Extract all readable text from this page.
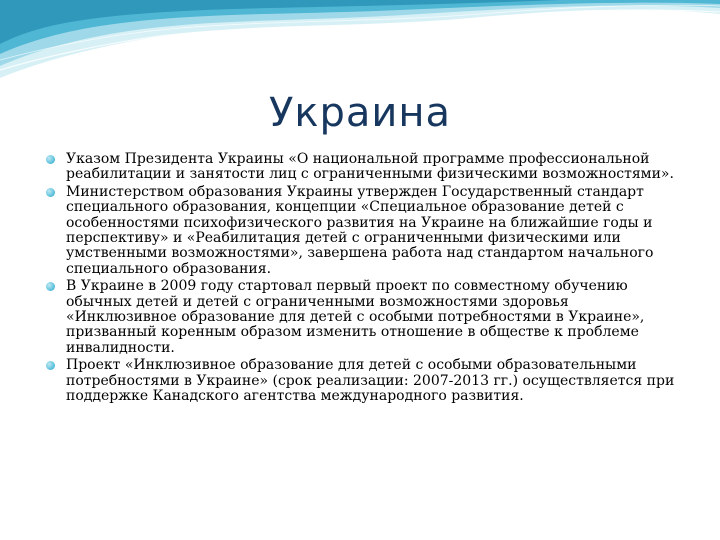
Украина
Указом Президента Украины «О национальной программе профессиональной реабилитации и занятости лиц с ограниченными физическими возможностями».
Министерством образования Украины утвержден Государственный стандарт специального образования, концепции «Специальное образование детей с особенностями психофизического развития на Украине на ближайшие годы и перспективу» и «Реабилитация детей с ограниченными физическими или умственными возможностями», завершена работа над стандартом начального специального образования.
В Украине в 2009 году стартовал первый проект по совместному обучению обычных детей и детей с ограниченными возможностями здоровья «Инклюзивное образование для детей с особыми потребностями в Украине», призванный коренным образом изменить отношение в обществе к проблеме инвалидности.
Проект «Инклюзивное образование для детей с особыми образовательными потребностями в Украине» (срок реализации: 2007-2013 гг.) осуществляется при поддержке Канадского агентства международного развития.
